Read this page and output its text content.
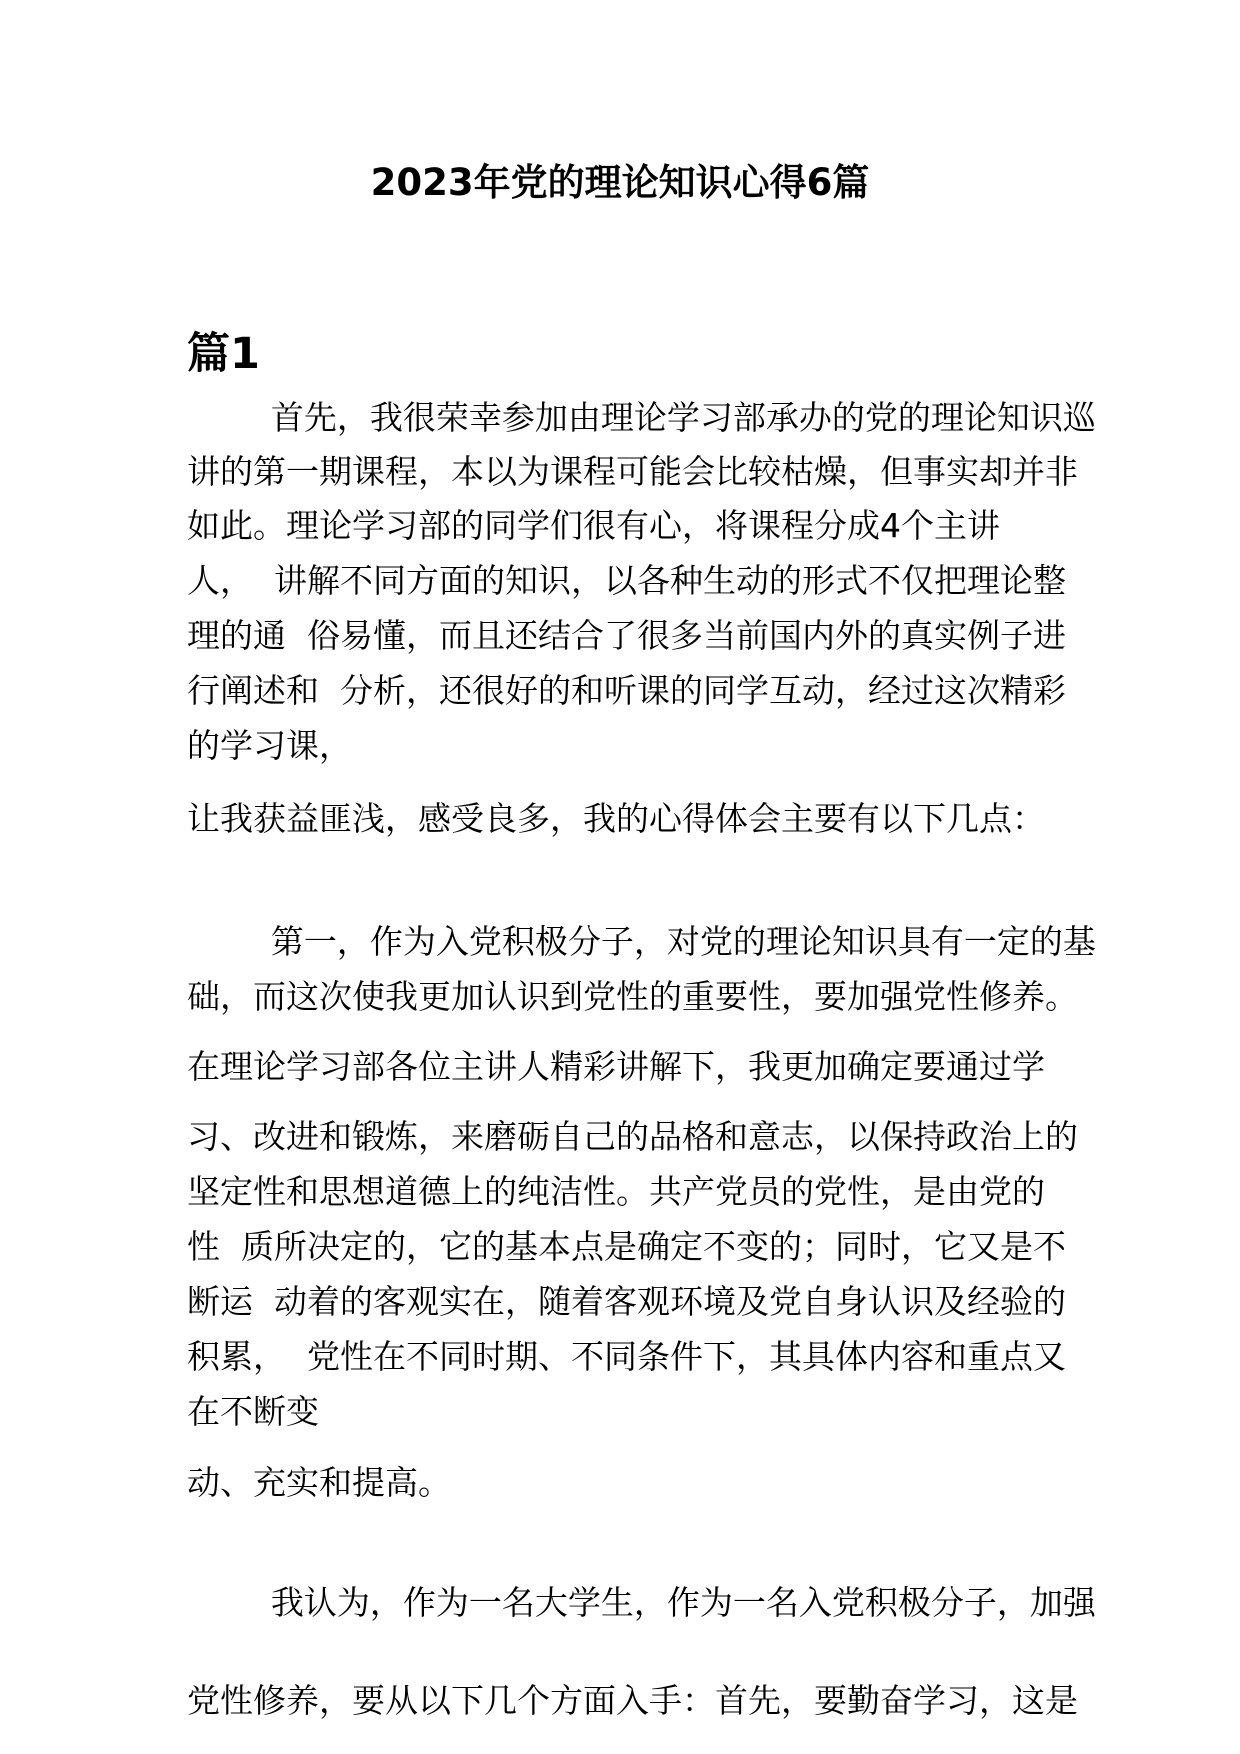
2023年党的理论知识心得6篇
篇1
首先，我很荣幸参加由理论学习部承办的党的理论知识巡
讲的第一期课程，本以为课程可能会比较枯燥，但事实却并非
如此。理论学习部的同学们很有心，将课程分成4个主讲
人，  讲解不同方面的知识，以各种生动的形式不仅把理论整
理的通  俗易懂，而且还结合了很多当前国内外的真实例子进
行阐述和  分析，还很好的和听课的同学互动，经过这次精彩
的学习课，
让我获益匪浅，感受良多，我的心得体会主要有以下几点：
第一，作为入党积极分子，对党的理论知识具有一定的基
础，而这次使我更加认识到党性的重要性，要加强党性修养。
在理论学习部各位主讲人精彩讲解下，我更加确定要通过学
习、改进和锻炼，来磨砺自己的品格和意志，以保持政治上的
坚定性和思想道德上的纯洁性。共产党员的党性，是由党的
性  质所决定的，它的基本点是确定不变的；同时，它又是不
断运  动着的客观实在，随着客观环境及党自身认识及经验的
积累，  党性在不同时期、不同条件下，其具体内容和重点又
在不断变
动、充实和提高。
我认为，作为一名大学生，作为一名入党积极分子，加强
党性修养，要从以下几个方面入手：首先，要勤奋学习，这是
